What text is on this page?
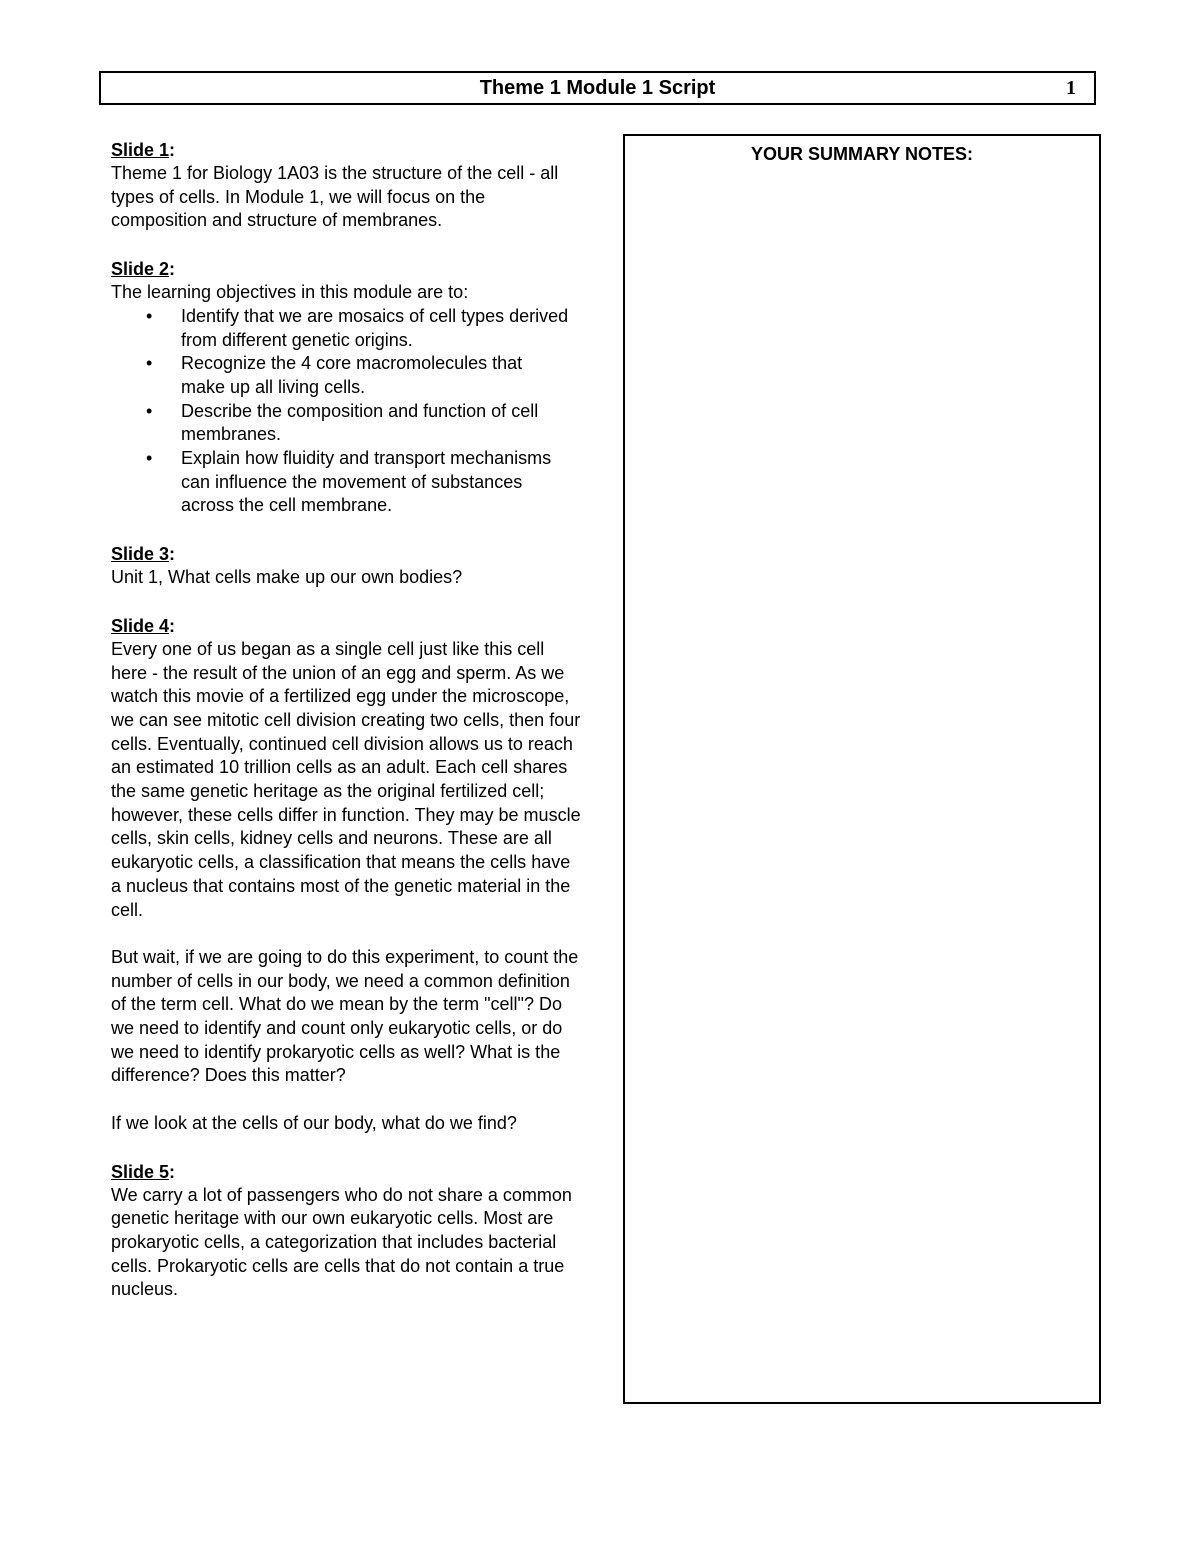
Theme 1 Module 1 Script	1
Slide 1:

Theme 1 for Biology 1A03 is the structure of the cell - all types of cells. In Module 1, we will focus on the composition and structure of membranes.

Slide 2:

The learning objectives in this module are to:

• Identify that we are mosaics of cell types derived from different genetic origins.
• Recognize the 4 core macromolecules that make up all living cells.
• Describe the composition and function of cell membranes.
• Explain how fluidity and transport mechanisms can influence the movement of substances across the cell membrane.
Slide 3:

Unit 1, What cells make up our own bodies?

Slide 4:

Every one of us began as a single cell just like this cell here - the result of the union of an egg and sperm. As we watch this movie of a fertilized egg under the microscope, we can see mitotic cell division creating two cells, then four cells. Eventually, continued cell division allows us to reach an estimated 10 trillion cells as an adult. Each cell shares the same genetic heritage as the original fertilized cell; however, these cells differ in function. They may be muscle cells, skin cells, kidney cells and neurons. These are all eukaryotic cells, a classification that means the cells have a nucleus that contains most of the genetic material in the cell.

But wait, if we are going to do this experiment, to count the number of cells in our body, we need a common definition of the term cell. What do we mean by the term "cell"? Do we need to identify and count only eukaryotic cells, or do we need to identify prokaryotic cells as well? What is the difference? Does this matter?

If we look at the cells of our body, what do we find?

Slide 5:

We carry a lot of passengers who do not share a common genetic heritage with our own eukaryotic cells. Most are prokaryotic cells, a categorization that includes bacterial cells. Prokaryotic cells are cells that do not contain a true nucleus.

YOUR SUMMARY NOTES:
